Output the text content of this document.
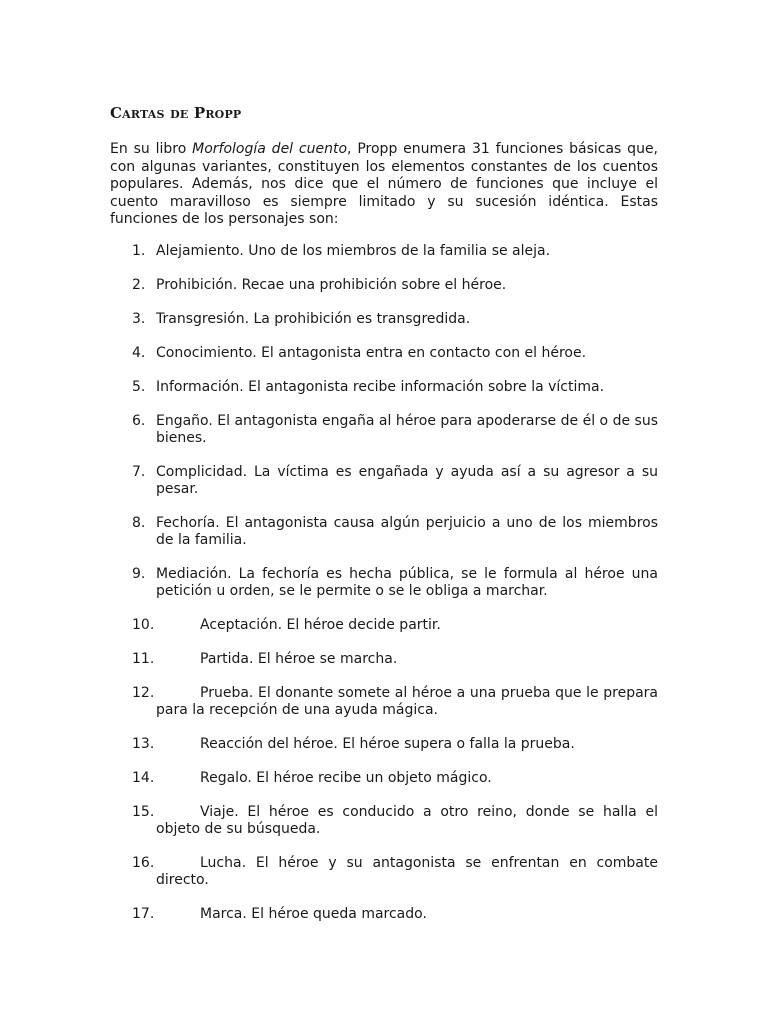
Cartas de Propp

En su libro Morfología del cuento, Propp enumera 31 funciones básicas que, con algunas variantes, constituyen los elementos constantes de los cuentos populares. Además, nos dice que el número de funciones que incluye el cuento maravilloso es siempre limitado y su sucesión idéntica. Estas funciones de los personajes son:

1. Alejamiento. Uno de los miembros de la familia se aleja.
2. Prohibición. Recae una prohibición sobre el héroe.
3. Transgresión. La prohibición es transgredida.
4. Conocimiento. El antagonista entra en contacto con el héroe.
5. Información. El antagonista recibe información sobre la víctima.
6. Engaño. El antagonista engaña al héroe para apoderarse de él o de sus bienes.
7. Complicidad. La víctima es engañada y ayuda así a su agresor a su pesar.
8. Fechoría. El antagonista causa algún perjuicio a uno de los miembros de la familia.
9. Mediación. La fechoría es hecha pública, se le formula al héroe una petición u orden, se le permite o se le obliga a marchar.
10.	Aceptación. El héroe decide partir.
11.	Partida. El héroe se marcha.
12.	Prueba. El donante somete al héroe a una prueba que le prepara para la recepción de una ayuda mágica.
13.	Reacción del héroe. El héroe supera o falla la prueba.
14.	Regalo. El héroe recibe un objeto mágico.
15.	Viaje. El héroe es conducido a otro reino, donde se halla el objeto de su búsqueda.
16.	Lucha. El héroe y su antagonista se enfrentan en combate directo.
17.	Marca. El héroe queda marcado.
